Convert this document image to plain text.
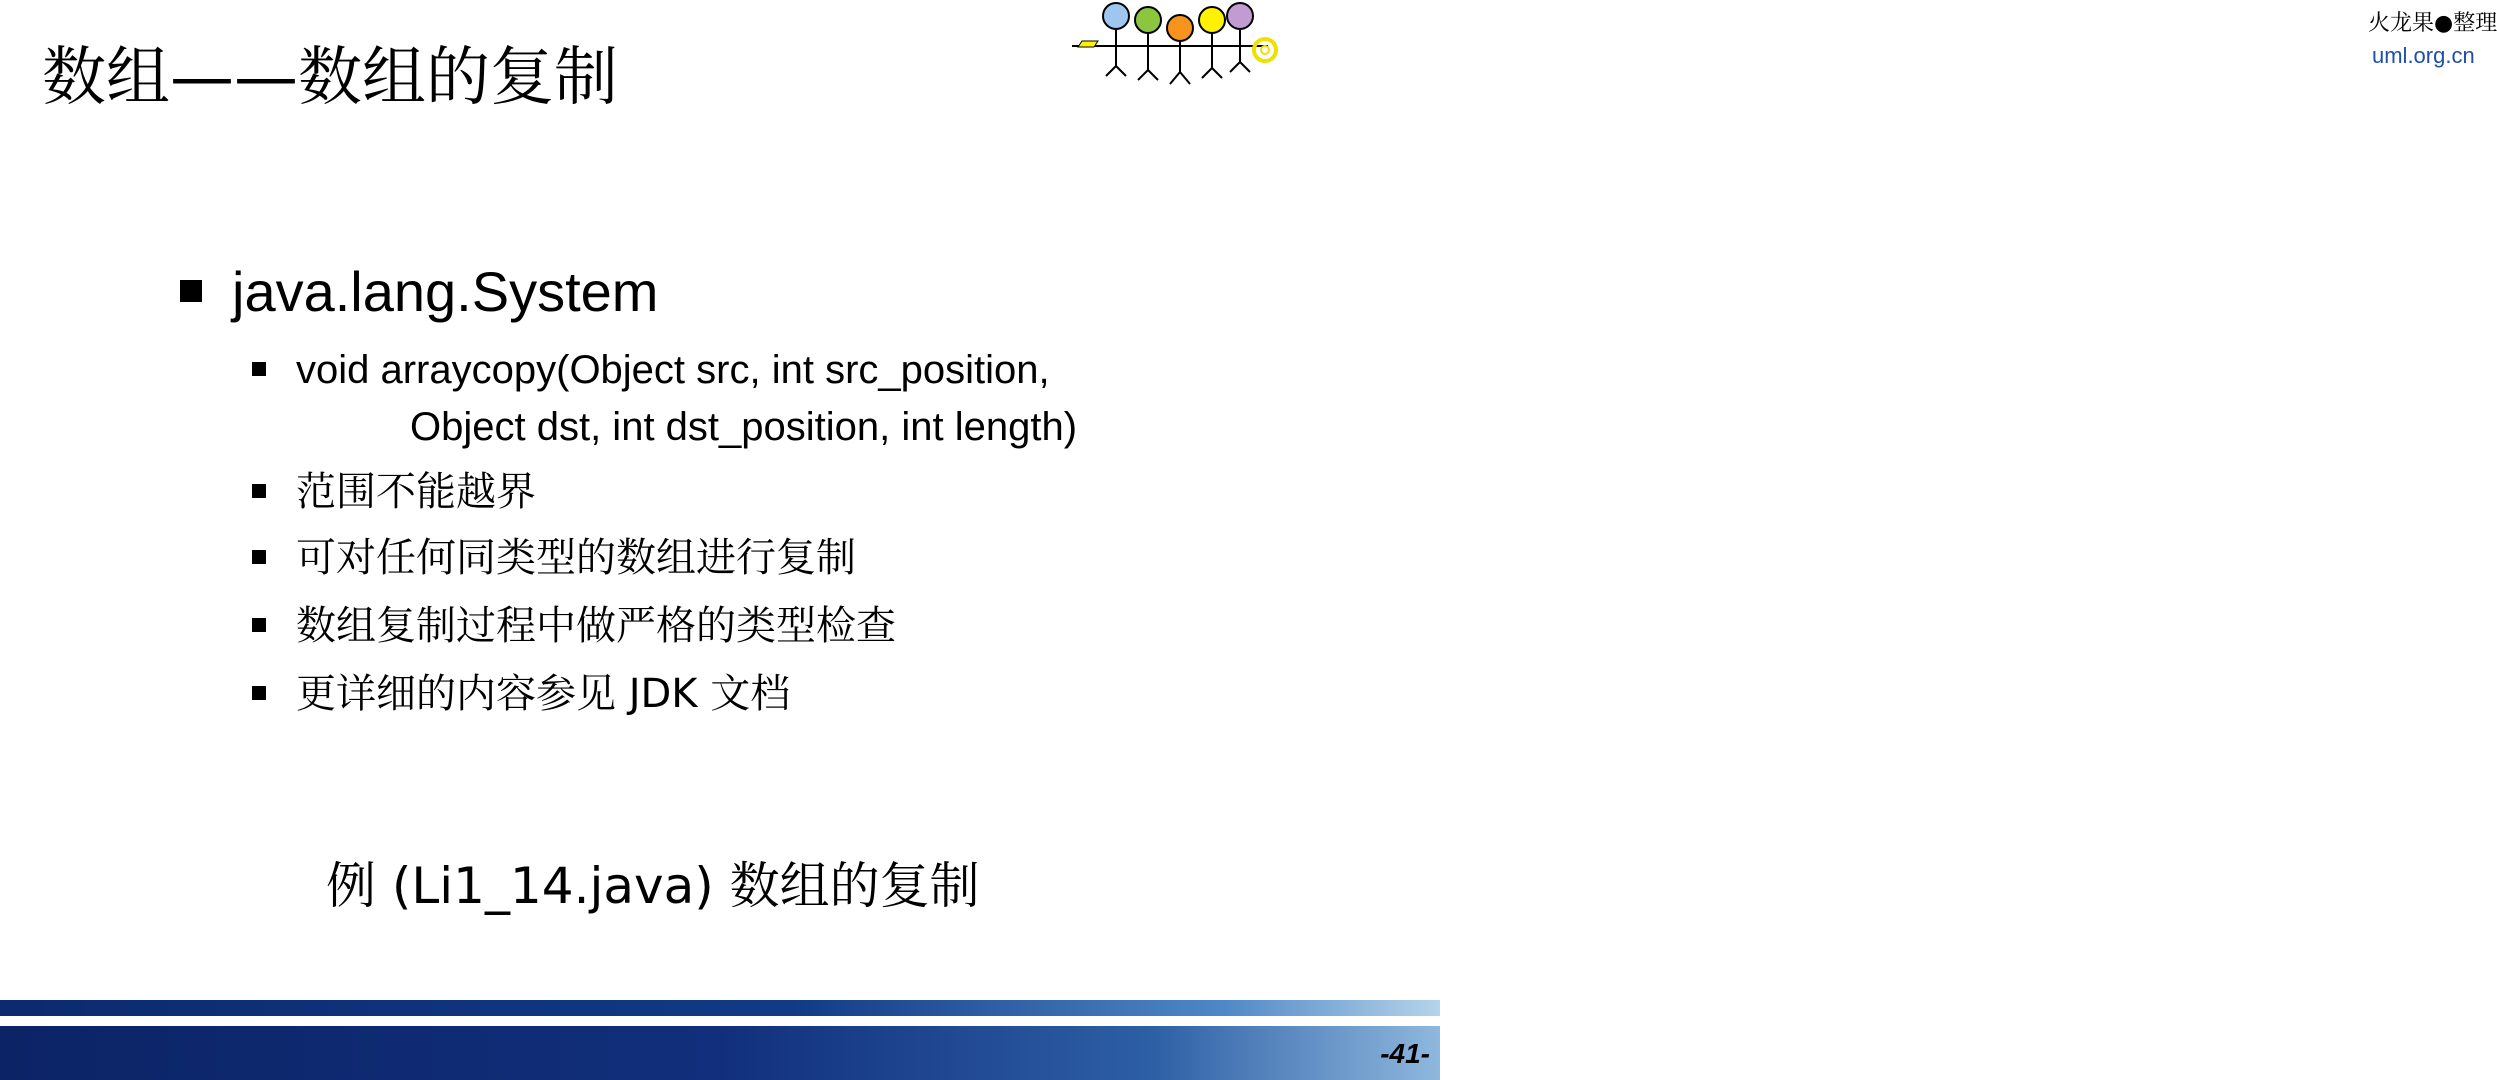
数组——数组的复制
火龙果●整理
uml.org.cn
java.lang.System
void arraycopy(Object src, int src_position,
Object dst, int dst_position, int length)
范围不能越界
可对任何同类型的数组进行复制
数组复制过程中做严格的类型检查
更详细的内容参见 JDK 文档
例 (Li1_14.java) 数组的复制
-41-
